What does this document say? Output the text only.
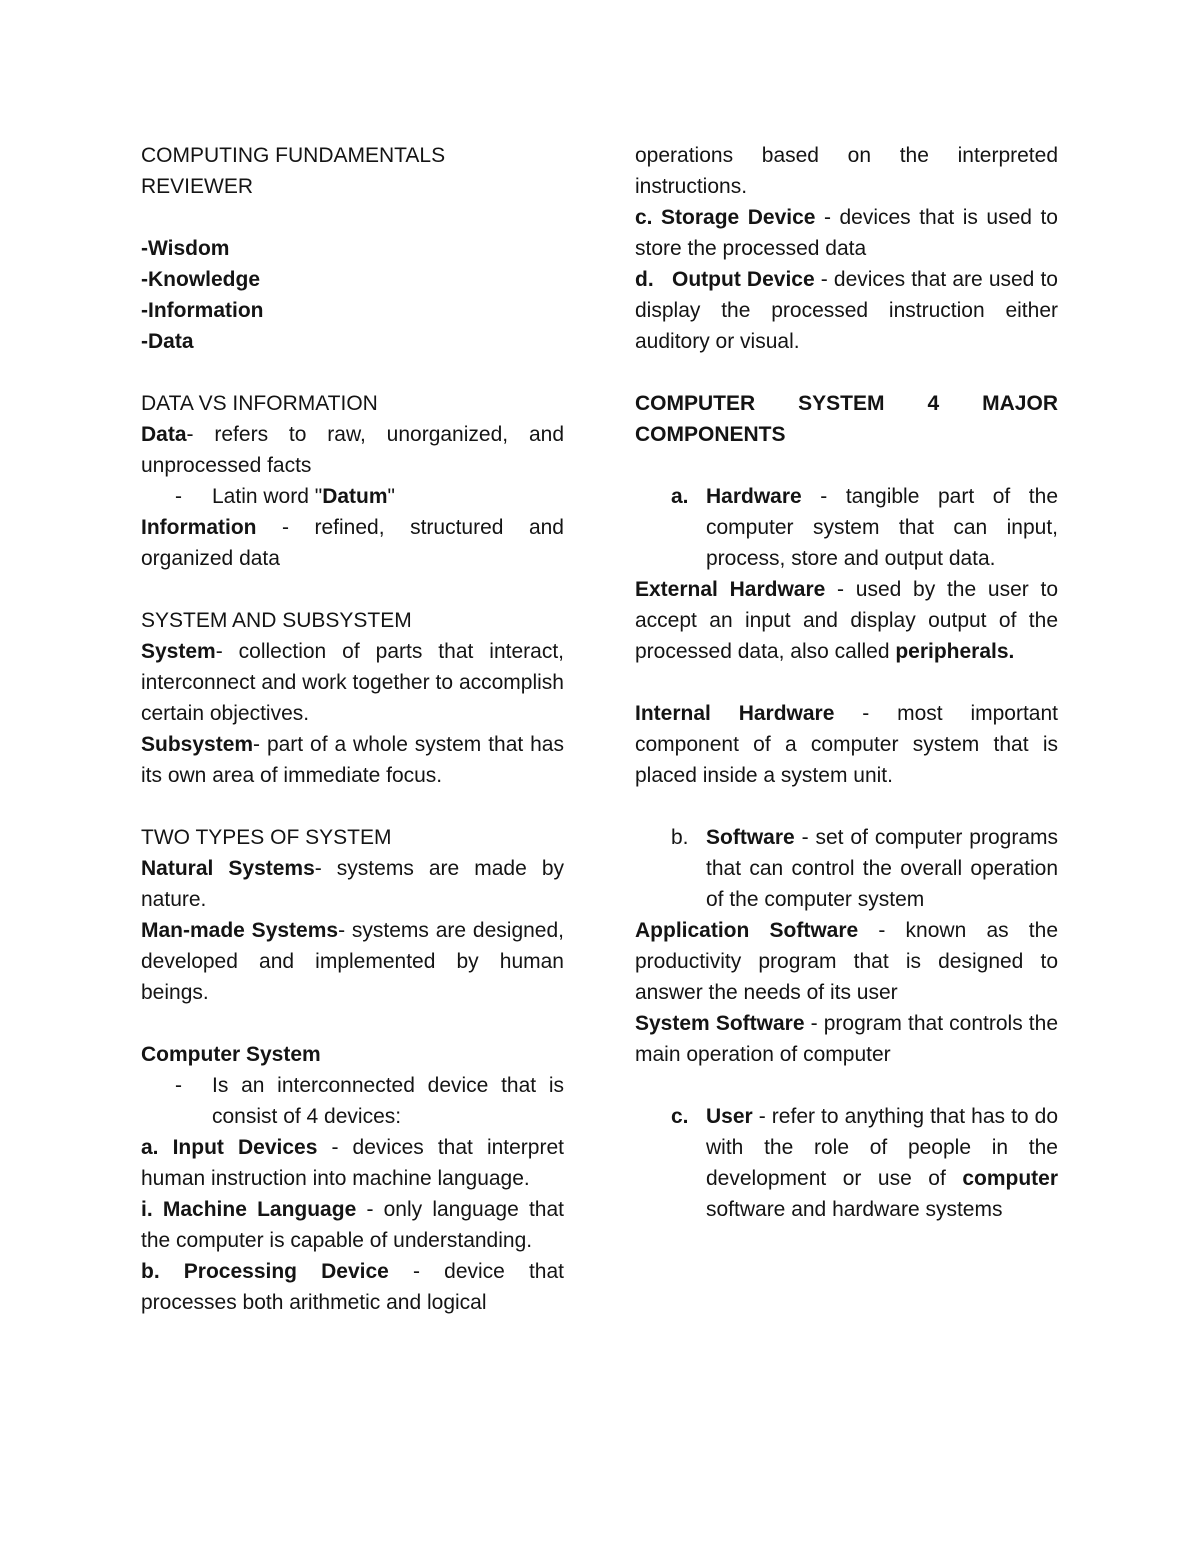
COMPUTING FUNDAMENTALS

REVIEWER

-Wisdom

-Knowledge

-Information

-Data

DATA VS INFORMATION

Data- refers to raw, unorganized, and unprocessed facts

- Latin word "Datum"

Information - refined, structured and organized data

SYSTEM AND SUBSYSTEM

System- collection of parts that interact, interconnect and work together to accomplish certain objectives.

Subsystem- part of a whole system that has its own area of immediate focus.

TWO TYPES OF SYSTEM

Natural Systems- systems are made by nature.

Man-made Systems- systems are designed, developed and implemented by human beings.

Computer System

- Is an interconnected device that is consist of 4 devices:

a. Input Devices - devices that interpret human instruction into machine language.

i. Machine Language - only language that the computer is capable of understanding.

b. Processing Device - device that processes both arithmetic and logical

operations based on the interpreted instructions.

c. Storage Device - devices that is used to store the processed data

d.   Output Device - devices that are used to display the processed instruction either auditory or visual.

COMPUTER SYSTEM 4 MAJOR COMPONENTS

a. Hardware - tangible part of the computer system that can input, process, store and output data.

External Hardware - used by the user to accept an input and display output of the processed data, also called peripherals.

Internal Hardware - most important component of a computer system that is placed inside a system unit.

b. Software - set of computer programs that can control the overall operation of the computer system

Application Software - known as the productivity program that is designed to answer the needs of its user

System Software - program that controls the main operation of computer

c. User - refer to anything that has to do with the role of people in the development or use of computer software and hardware systems
